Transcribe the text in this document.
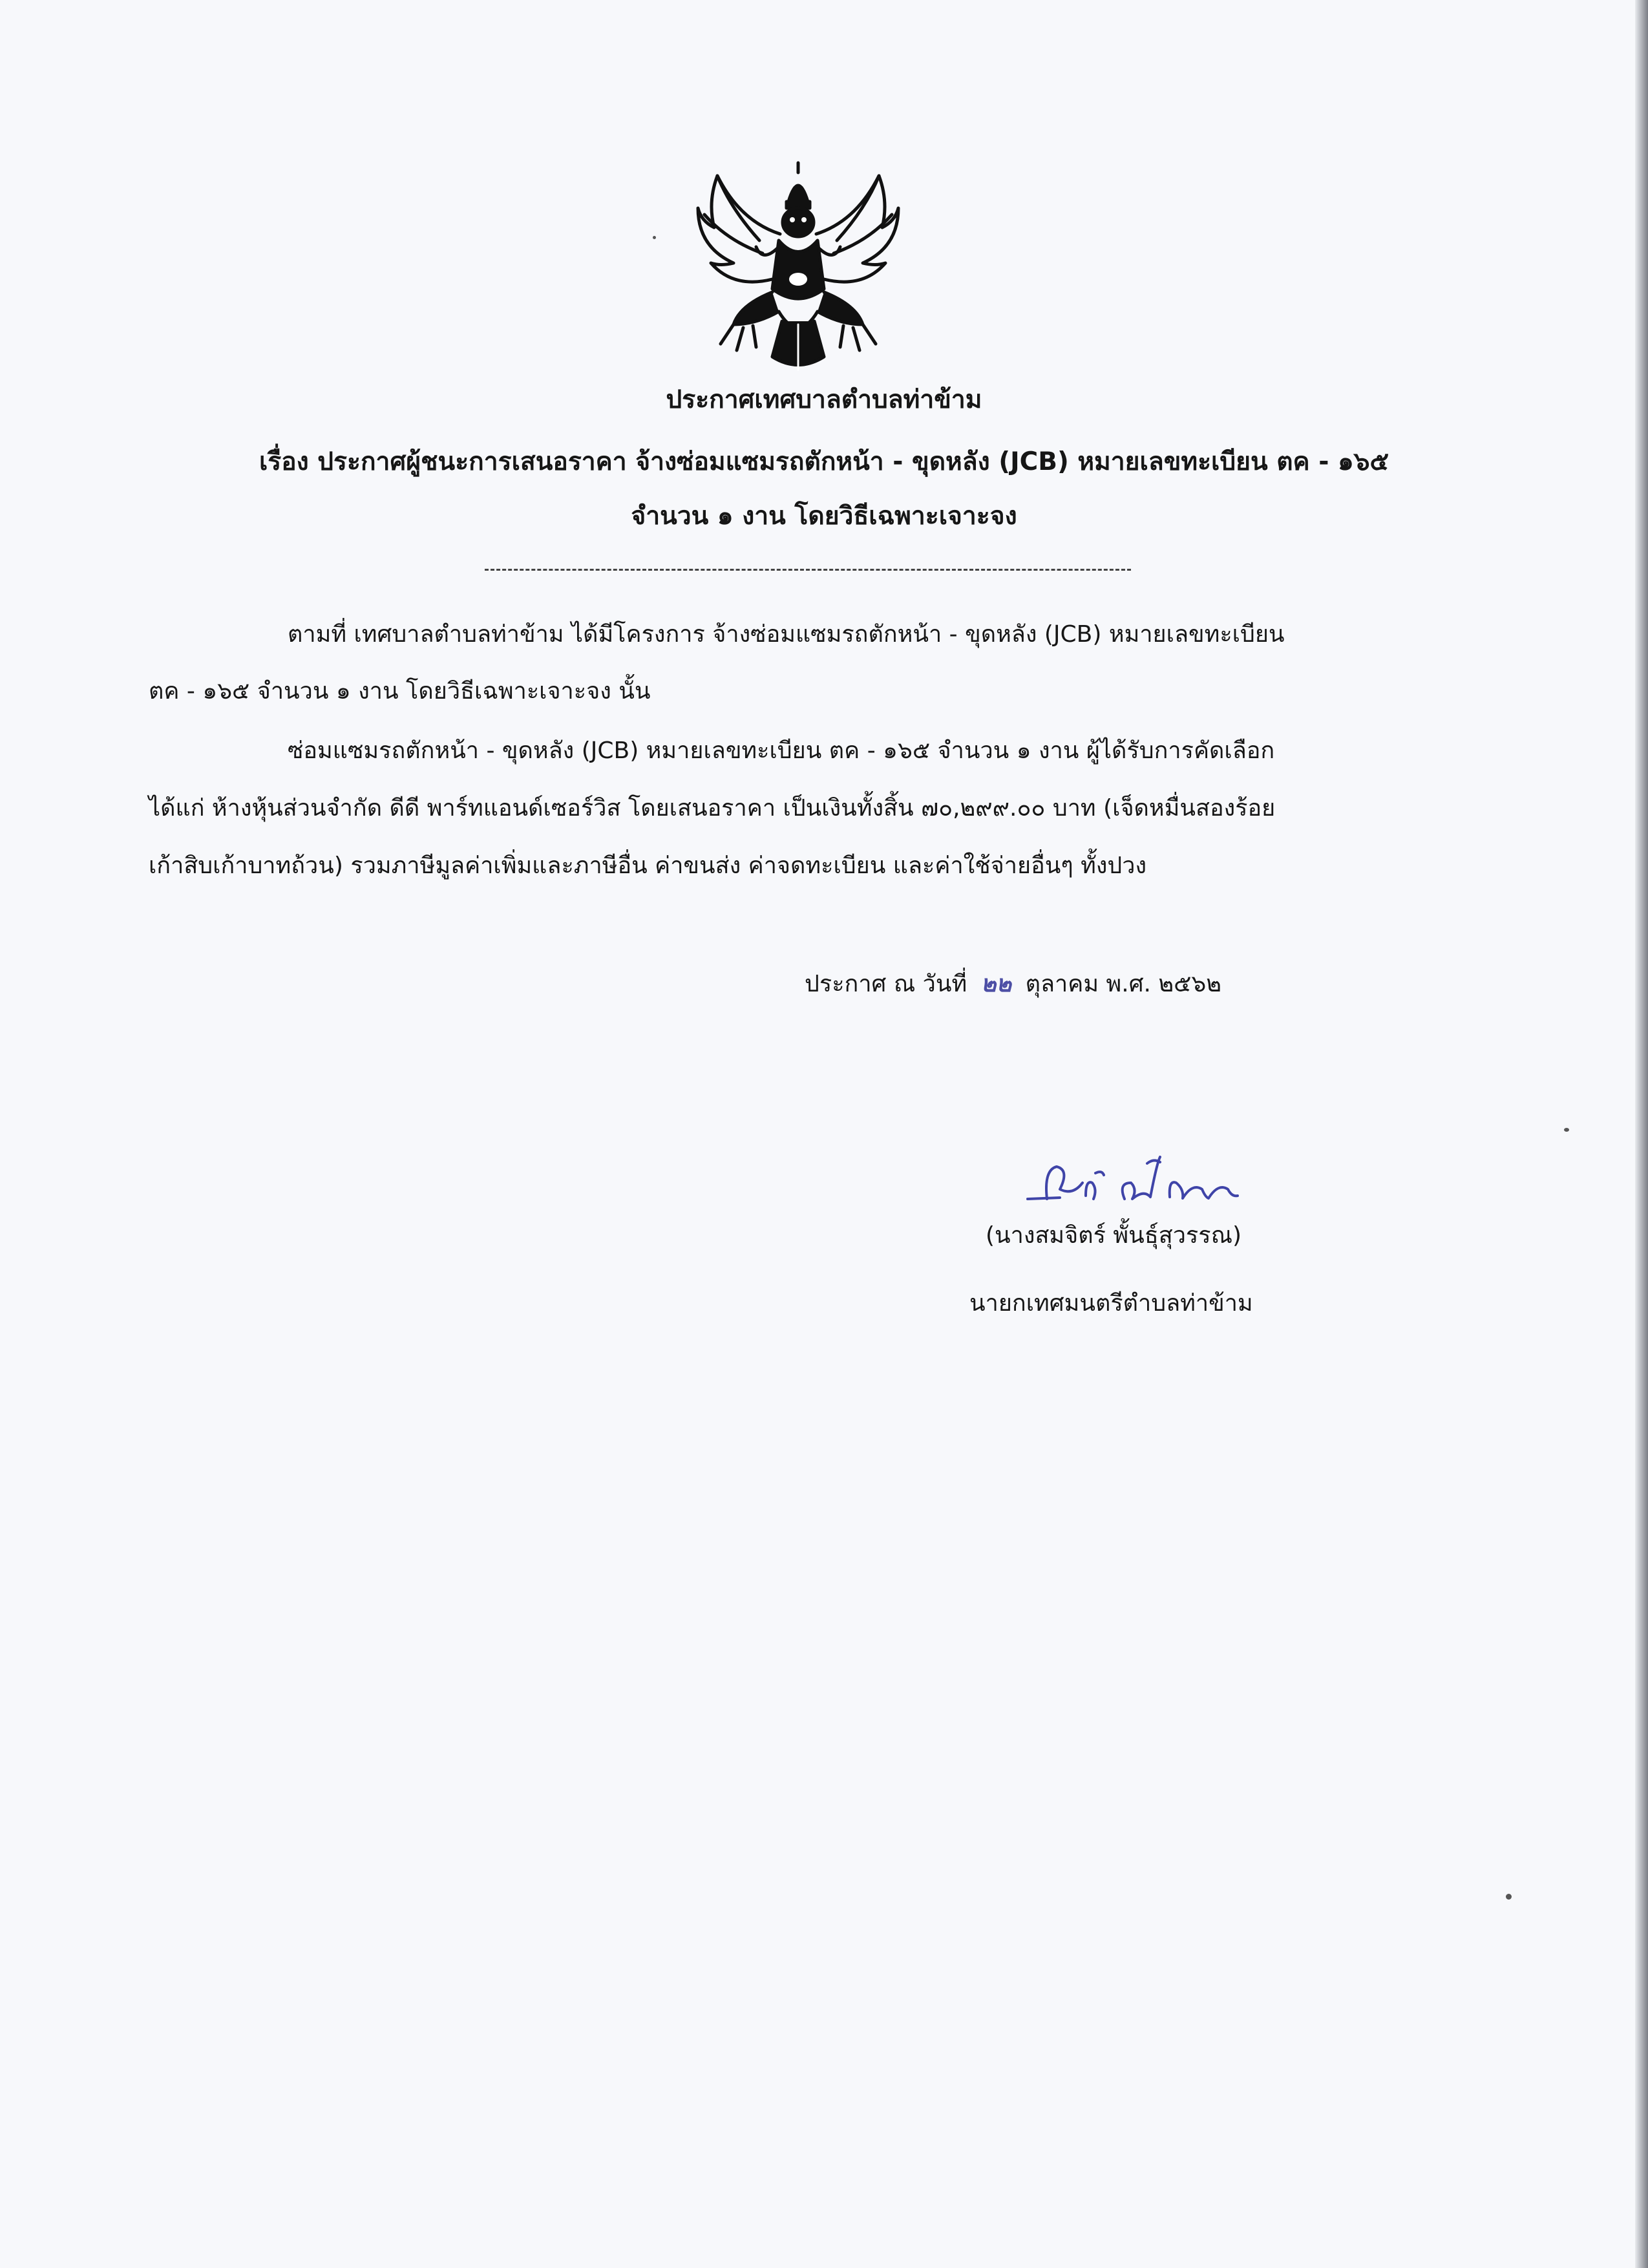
ประกาศเทศบาลตำบลท่าข้าม
เรื่อง ประกาศผู้ชนะการเสนอราคา จ้างซ่อมแซมรถตักหน้า - ขุดหลัง (JCB) หมายเลขทะเบียน ตค - ๑๖๕
จำนวน ๑ งาน โดยวิธีเฉพาะเจาะจง
ตามที่ เทศบาลตำบลท่าข้าม ได้มีโครงการ จ้างซ่อมแซมรถตักหน้า - ขุดหลัง (JCB) หมายเลขทะเบียน
ตค - ๑๖๕ จำนวน ๑ งาน โดยวิธีเฉพาะเจาะจง นั้น
ซ่อมแซมรถตักหน้า - ขุดหลัง (JCB) หมายเลขทะเบียน ตค - ๑๖๕ จำนวน ๑ งาน ผู้ได้รับการคัดเลือก
ได้แก่ ห้างหุ้นส่วนจำกัด ดีดี พาร์ทแอนด์เซอร์วิส โดยเสนอราคา เป็นเงินทั้งสิ้น ๗๐,๒๙๙.๐๐ บาท (เจ็ดหมื่นสองร้อย
เก้าสิบเก้าบาทถ้วน) รวมภาษีมูลค่าเพิ่มและภาษีอื่น ค่าขนส่ง ค่าจดทะเบียน และค่าใช้จ่ายอื่นๆ ทั้งปวง
ประกาศ ณ วันที่ ๒๒ ตุลาคม พ.ศ. ๒๕๖๒
(นางสมจิตร์ พั้นธุ์สุวรรณ)
นายกเทศมนตรีตำบลท่าข้าม
